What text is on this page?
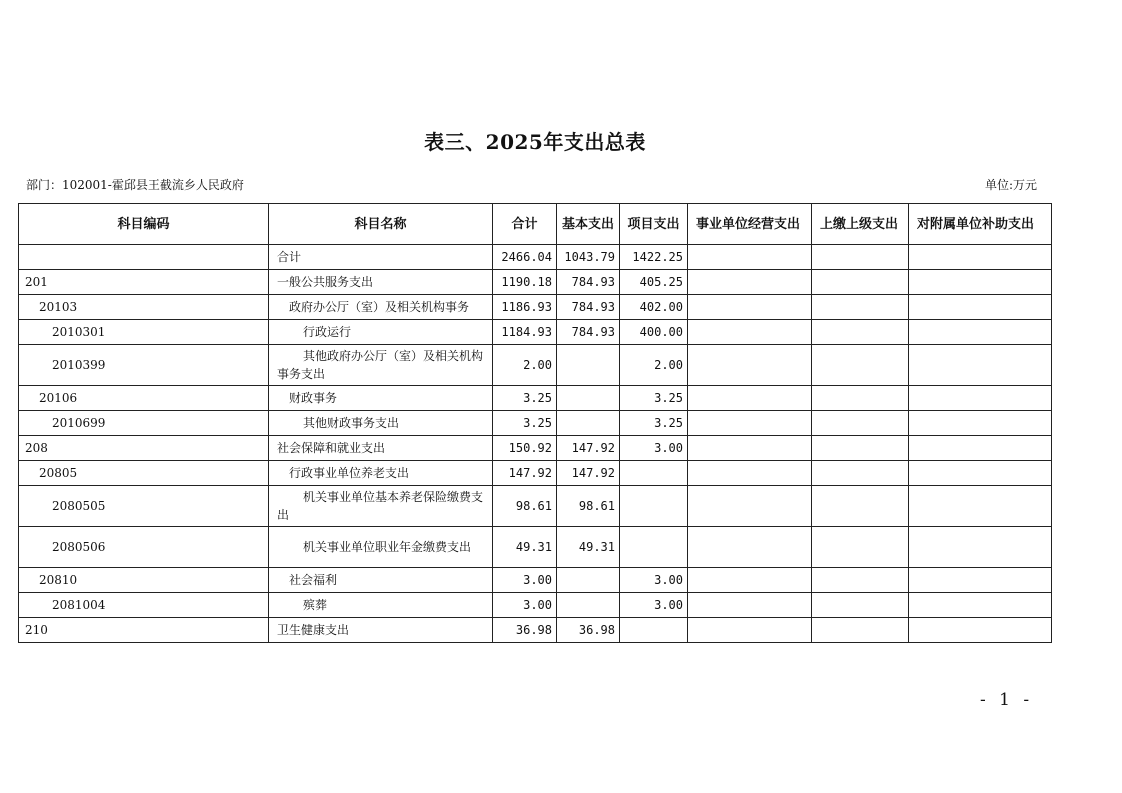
表三、2025年支出总表
部门：102001-霍邱县王截流乡人民政府	单位:万元
科目编码	科目名称	合计	基本支出	项目支出	事业单位经营支出	上缴上级支出	对附属单位补助支出
	合计	2466.04	1043.79	1422.25			
201	一般公共服务支出	1190.18	784.93	405.25			
20103	政府办公厅（室）及相关机构事务	1186.93	784.93	402.00			
2010301	行政运行	1184.93	784.93	400.00			
2010399	其他政府办公厅（室）及相关机构事务支出	2.00		2.00			
20106	财政事务	3.25		3.25			
2010699	其他财政事务支出	3.25		3.25			
208	社会保障和就业支出	150.92	147.92	3.00			
20805	行政事业单位养老支出	147.92	147.92				
2080505	机关事业单位基本养老保险缴费支出	98.61	98.61				
2080506	机关事业单位职业年金缴费支出	49.31	49.31				
20810	社会福利	3.00		3.00			
2081004	殡葬	3.00		3.00			
210	卫生健康支出	36.98	36.98				
- 1 -
